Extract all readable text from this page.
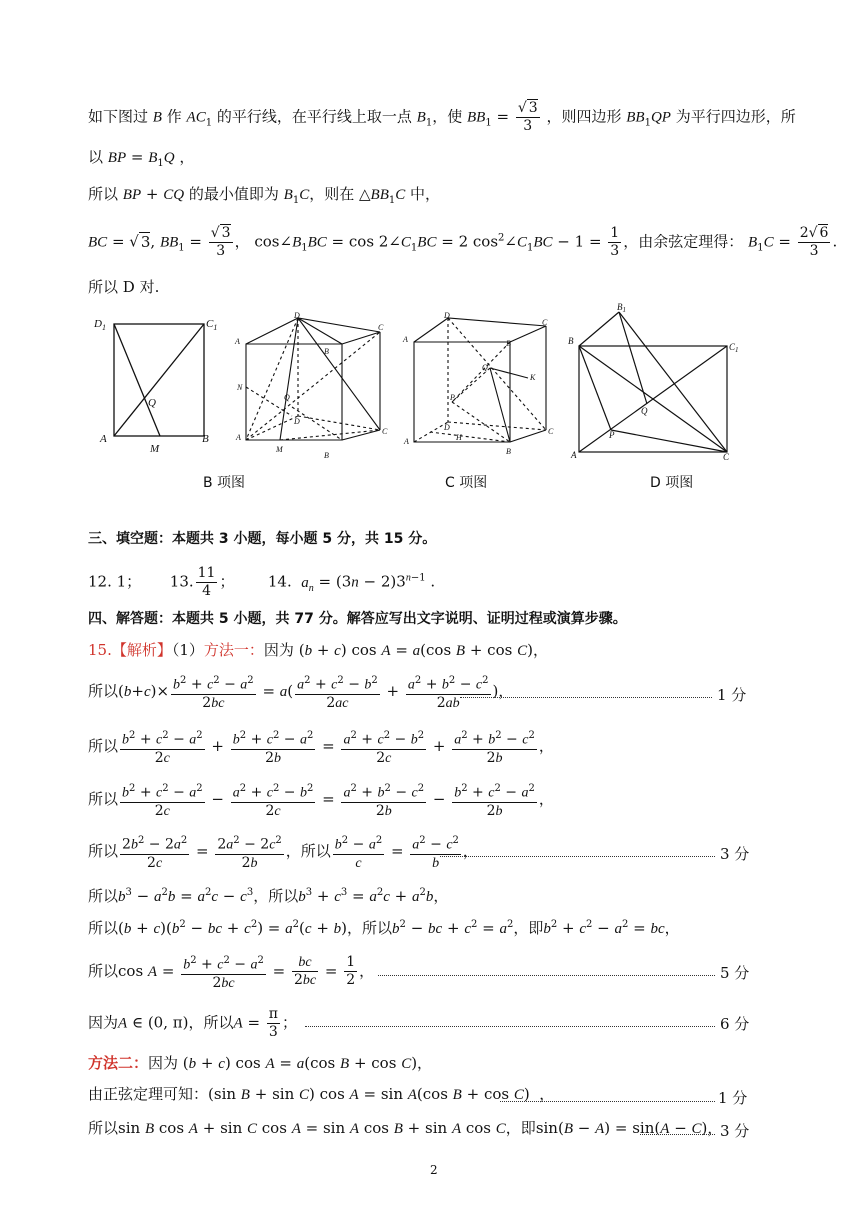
如下图过 B 作 $AC_1$ 的平行线，在平行线上取一点 $B_1$，使 $BB_1 = \frac{√ 3}{3}$ ，则四边形 $BB_1QP$ 为平行四边形，所
以 BP = $B_1Q$ ，
所以 BP + CQ 的最小值即为 $B_1C$，则在 $\triangle BB_1C$ 中，
BC = √ 3, $BB_1 = \frac{√ 3}{3}$ ， $\cos\angle B_1BC = \cos$ $2\angle C_1BC = 2$ $\cos^2\angle C_1BC - 1 = \frac{1}{3}$ ，由余弦定理得： $B_1C = \frac{2√ 6}{3}$ .
所以 D 对.
$D_1$	$C_1$
A	B
Q
M
D
C
A
B
N
Q
D
C
A
M
B
D
C
A	B
Q
K
P
D	C
A	H
B
$B_1$
B
$C_1$
Q
P
A	C
B 项图	C 项图	D 项图
三、填空题：本题共 3 小题，每小题 5 分，共 15 分。
12. 1； 13. $\frac{11}{4}$ ；       14. $a_n = (3n - 2)3^{n-1}$ .
四、解答题：本题共 5 小题，共 77 分。解答应写出文字说明、证明过程或演算步骤。
15.【解析】（1）方法一：因为 (b + c) cos A = a(cos B + cos C)，
所以$(b+c)\times \frac{b^2 + c^2 - a^2}{2bc} = a( \frac{a^2 + c^2 - b^2}{2ac} + \frac{a^2 + b^2 - c^2}{2ab}$ )，	1 分
所以 $\frac{b^2 + c^2 - a^2}{2c} + \frac{b^2 + c^2 - a^2}{2b} = \frac{a^2 + c^2 - b^2}{2c} + \frac{a^2 + b^2 - c^2}{2b}$ ，
所以 $\frac{b^2 + c^2 - a^2}{2c} - \frac{a^2 + c^2 - b^2}{2c} = \frac{a^2 + b^2 - c^2}{2b} - \frac{b^2 + c^2 - a^2}{2b}$ ，
所以 $\frac{2b^2 - 2a^2}{2c} = \frac{2a^2 - 2c^2}{2b}$ ，所以 $\frac{b^2 - a^2}{c} = \frac{a^2 - c^2}{b}$ ，	3 分
所以$b^3 - a^2b = a^2c - c^3$，所以$b^3 + c^3 = a^2c + a^2b$，
所以$(b + c)(b^2$ − bc + $c^2) = a^2(c + b)$，所以$b^2$ − bc + $c^2 = a^2$，即$b^2 + c^2 - a^2$ = bc，
所以$\cos A = \frac{b^2 + c^2 - a^2}{2bc} = \frac{bc}{2bc} = \frac{1}{2}$ ，	5 分
因为A ∈ (0, π)，所以$A = \frac{\pi}{3}$ ；	6 分
方法二：因为 (b + c) cos A = a(cos B + cos C)，
由正弦定理可知：(sin B + sin C) cos A = sin A(cos B + cos C)  ，	1 分
所以sin B cos A + sin C cos A = sin A cos B + sin A cos C，即sin(B − A) = sin(A − C)，
3 分
2
